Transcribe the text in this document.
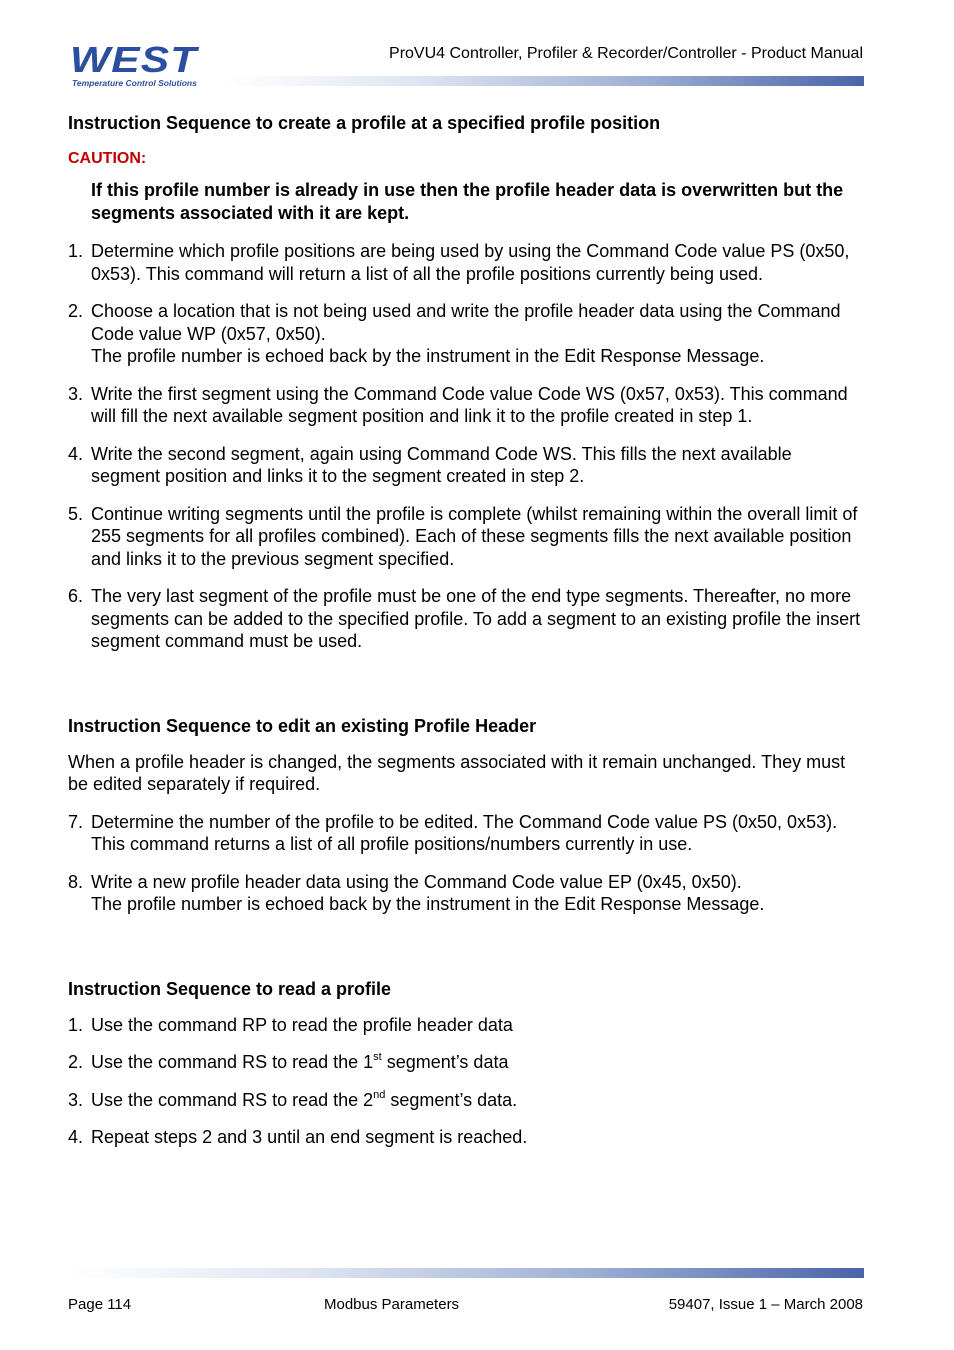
WEST
Temperature Control Solutions
ProVU4 Controller, Profiler & Recorder/Controller - Product Manual
Instruction Sequence to create a profile at a specified profile position
CAUTION:

If this profile number is already in use then the profile header data is overwritten but the segments associated with it are kept.

1. Determine which profile positions are being used by using the Command Code value PS (0x50, 0x53). This command will return a list of all the profile positions currently being used.
2. Choose a location that is not being used and write the profile header data using the Command Code value WP (0x57, 0x50).
The profile number is echoed back by the instrument in the Edit Response Message.
3. Write the first segment using the Command Code value Code WS (0x57, 0x53). This command will fill the next available segment position and link it to the profile created in step 1.
4. Write the second segment, again using Command Code WS. This fills the next available segment position and links it to the segment created in step 2.
5. Continue writing segments until the profile is complete (whilst remaining within the overall limit of 255 segments for all profiles combined). Each of these segments fills the next available position and links it to the previous segment specified.
6. The very last segment of the profile must be one of the end type segments. Thereafter, no more segments can be added to the specified profile. To add a segment to an existing profile the insert segment command must be used.
Instruction Sequence to edit an existing Profile Header

When a profile header is changed, the segments associated with it remain unchanged. They must be edited separately if required.

7. Determine the number of the profile to be edited. The Command Code value PS (0x50, 0x53). This command returns a list of all profile positions/numbers currently in use.
8. Write a new profile header data using the Command Code value EP (0x45, 0x50).
The profile number is echoed back by the instrument in the Edit Response Message.
Instruction Sequence to read a profile
1. Use the command RP to read the profile header data
2. Use the command RS to read the 1st segment’s data
3. Use the command RS to read the 2nd segment’s data.
4. Repeat steps 2 and 3 until an end segment is reached.
Page 114	Modbus Parameters	59407, Issue 1 – March 2008
